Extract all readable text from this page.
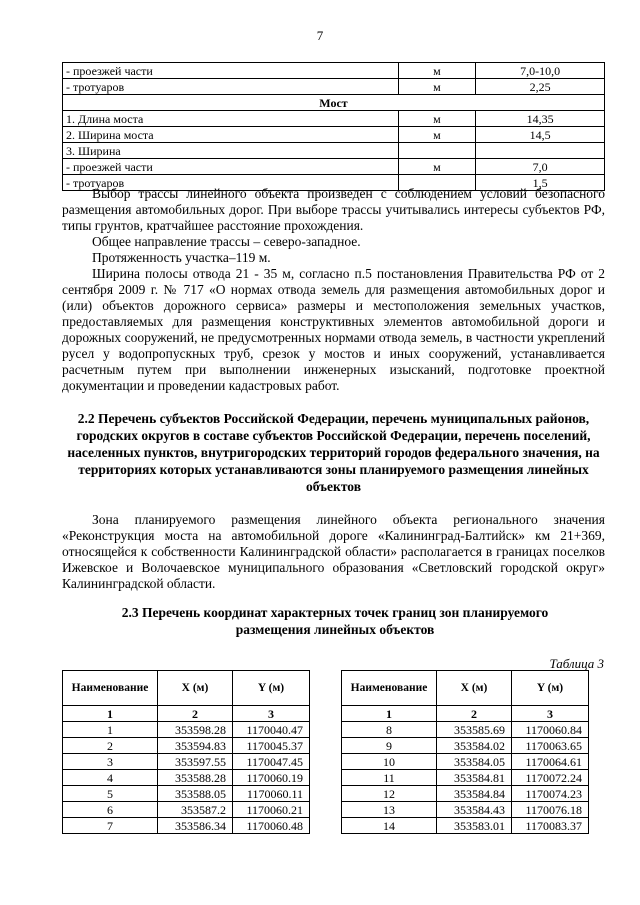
7
- проезжей части	м	7,0-10,0
- тротуаров	м	2,25
Мост		
1. Длина моста	м	14,35
2. Ширина моста	м	14,5
3. Ширина		
- проезжей части	м	7,0
- тротуаров		1,5

Выбор трассы линейного объекта произведен с соблюдением условий безопасного размещения автомобильных дорог. При выборе трассы учитывались интересы субъектов РФ, типы грунтов, кратчайшее расстояние прохождения.

Общее направление трассы – северо-западное.

Протяженность участка–119 м.

Ширина полосы отвода 21 - 35 м, согласно п.5 постановления Правительства РФ от 2 сентября 2009 г. № 717 «О нормах отвода земель для размещения автомобильных дорог и (или) объектов дорожного сервиса» размеры и местоположения земельных участков, предоставляемых для размещения конструктивных элементов автомобильной дороги и дорожных сооружений, не предусмотренных нормами отвода земель, в частности укреплений русел у водопропускных труб, срезок у мостов и иных сооружений, устанавливается расчетным путем при выполнении инженерных изысканий, подготовке проектной документации и проведении кадастровых работ.

2.2 Перечень субъектов Российской Федерации, перечень муниципальных районов, городских округов в составе субъектов Российской Федерации, перечень поселений, населенных пунктов, внутригородских территорий городов федерального значения, на территориях которых устанавливаются зоны планируемого размещения линейных объектов

Зона планируемого размещения линейного объекта регионального значения «Реконструкция моста на автомобильной дороге «Калининград-Балтийск» км 21+369, относящейся к собственности Калининградской области» располагается в границах поселков Ижевское и Волочаевское муниципального образования «Светловский городской округ» Калининградской области.

2.3 Перечень координат характерных точек границ зон планируемого размещения линейных объектов
Таблица 3
Наименование	X (м)	Y (м)
1	2	3
1	353598.28	1170040.47
2	353594.83	1170045.37
3	353597.55	1170047.45
4	353588.28	1170060.19
5	353588.05	1170060.11
6	353587.2	1170060.21
7	353586.34	1170060.48
Наименование	X (м)	Y (м)
1	2	3
8	353585.69	1170060.84
9	353584.02	1170063.65
10	353584.05	1170064.61
11	353584.81	1170072.24
12	353584.84	1170074.23
13	353584.43	1170076.18
14	353583.01	1170083.37
